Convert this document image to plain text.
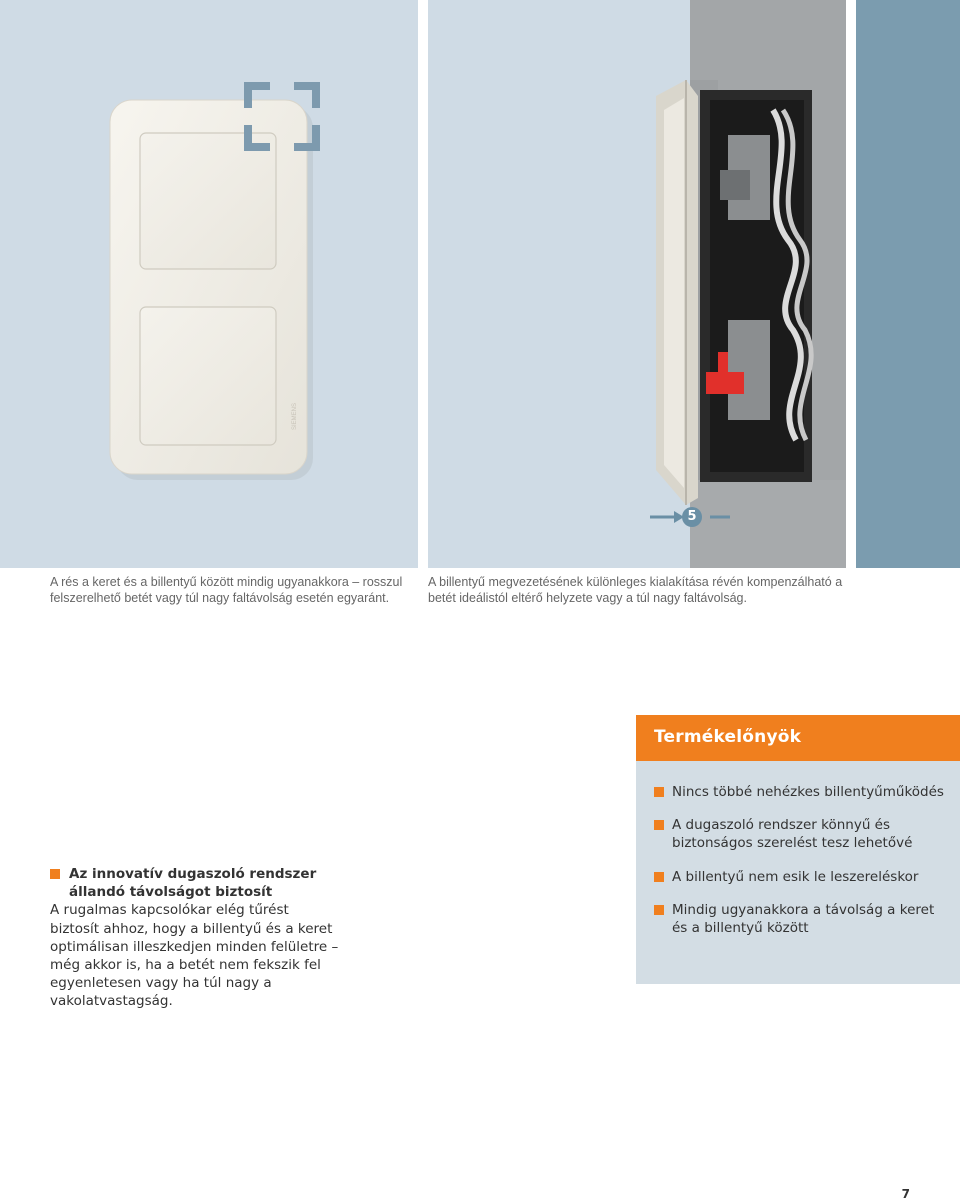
SIEMENS
5
A rés a keret és a billentyű között mindig ugyanakkora – rosszul felszerelhető betét vagy túl nagy faltávolság esetén egyaránt.
A billentyű megvezetésének különleges kialakítása révén kompenzálható a betét ideálistól eltérő helyzete vagy a túl nagy faltávolság.
Az innovatív dugaszoló rendszer állandó távolságot biztosít

A rugalmas kapcsolókar elég tűrést biztosít ahhoz, hogy a billentyű és a keret optimálisan illeszkedjen minden felületre – még akkor is, ha a betét nem fekszik fel egyenletesen vagy ha túl nagy a vakolatvastagság.

Termékelőnyök
Nincs többé nehézkes billentyűműködés
A dugaszoló rendszer könnyű és biztonságos szerelést tesz lehetővé
A billentyű nem esik le leszereléskor
Mindig ugyanakkora a távolság a keret és a billentyű között
7
